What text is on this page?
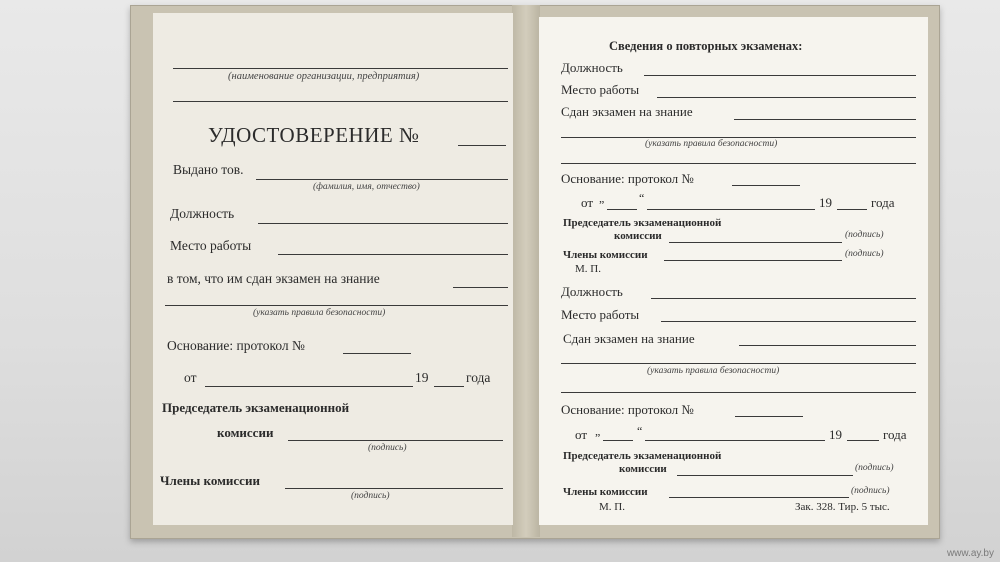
(наименование организации, предприятия)
УДОСТОВЕРЕНИЕ №
Выдано тов.
(фамилия, имя, отчество)
Должность
Место работы
в том, что им сдан экзамен на знание
(указать правила безопасности)
Основание: протокол №
от	19	года
Председатель экзаменационной
комиссии
(подпись)
Члены комиссии
(подпись)
Сведения о повторных экзаменах:
Должность
Место работы
Сдан экзамен на знание
(указать правила безопасности)
Основание: протокол №
от „	“	19	года
Председатель экзаменационной
комиссии	(подпись)
Члены комиссии	(подпись)
М. П.
Должность
Место работы
Сдан экзамен на знание
(указать правила безопасности)
Основание: протокол №
от „	“	19	года
Председатель экзаменационной
комиссии	(подпись)
Члены комиссии	(подпись)
М. П.	Зак. 328. Тир. 5 тыс.
www.ay.by
